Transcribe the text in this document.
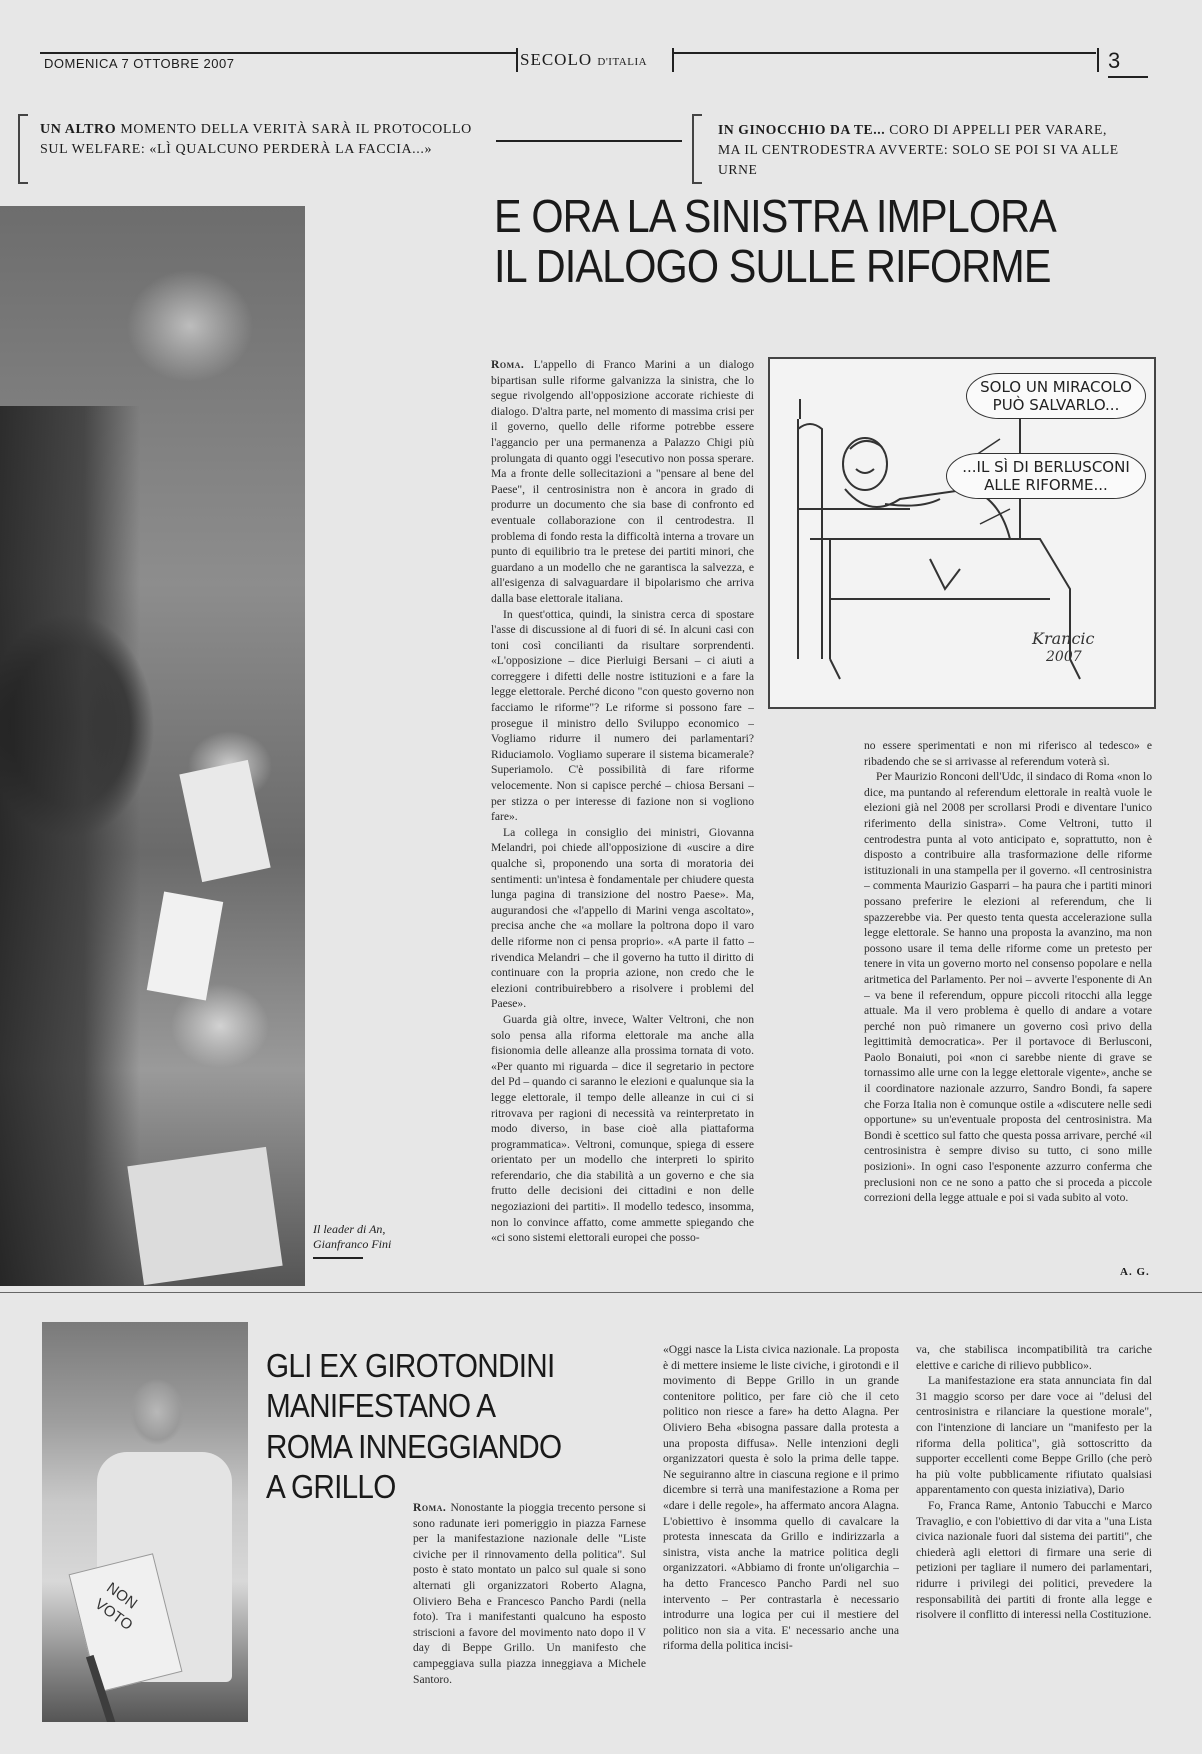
DOMENICA 7 OTTOBRE 2007	SECOLO D'ITALIA	3
UN ALTRO MOMENTO DELLA VERITÀ SARÀ IL PROTOCOLLO
SUL WELFARE: «LÌ QUALCUNO PERDERÀ LA FACCIA...»
IN GINOCCHIO DA TE... CORO DI APPELLI PER VARARE,
MA IL CENTRODESTRA AVVERTE: SOLO SE POI SI VA ALLE URNE
Il leader di An,
Gianfranco Fini
E ORA LA SINISTRA IMPLORA
IL DIALOGO SULLE RIFORME

Roma. L'appello di Franco Marini a un dialogo bipartisan sulle riforme galvanizza la sinistra, che lo segue rivolgendo all'opposizione accorate richieste di dialogo. D'altra parte, nel momento di massima crisi per il governo, quello delle riforme potrebbe essere l'aggancio per una permanenza a Palazzo Chigi più prolungata di quanto oggi l'esecutivo non possa sperare. Ma a fronte delle sollecitazioni a "pensare al bene del Paese", il centrosinistra non è ancora in grado di produrre un documento che sia base di confronto ed eventuale collaborazione con il centrodestra. Il problema di fondo resta la difficoltà interna a trovare un punto di equilibrio tra le pretese dei partiti minori, che guardano a un modello che ne garantisca la salvezza, e all'esigenza di salvaguardare il bipolarismo che arriva dalla base elettorale italiana.

In quest'ottica, quindi, la sinistra cerca di spostare l'asse di discussione al di fuori di sé. In alcuni casi con toni così concilianti da risultare sorprendenti. «L'opposizione – dice Pierluigi Bersani – ci aiuti a correggere i difetti delle nostre istituzioni e a fare la legge elettorale. Perché dicono "con questo governo non facciamo le riforme"? Le riforme si possono fare – prosegue il ministro dello Sviluppo economico – Vogliamo ridurre il numero dei parlamentari? Riduciamolo. Vogliamo superare il sistema bicamerale? Superiamolo. C'è possibilità di fare riforme velocemente. Non si capisce perché – chiosa Bersani – per stizza o per interesse di fazione non si vogliono fare».

La collega in consiglio dei ministri, Giovanna Melandri, poi chiede all'opposizione di «uscire a dire qualche sì, proponendo una sorta di moratoria dei sentimenti: un'intesa è fondamentale per chiudere questa lunga pagina di transizione del nostro Paese». Ma, augurandosi che «l'appello di Marini venga ascoltato», precisa anche che «a mollare la poltrona dopo il varo delle riforme non ci pensa proprio». «A parte il fatto – rivendica Melandri – che il governo ha tutto il diritto di continuare con la propria azione, non credo che le elezioni contribuirebbero a risolvere i problemi del Paese».

Guarda già oltre, invece, Walter Veltroni, che non solo pensa alla riforma elettorale ma anche alla fisionomia delle alleanze alla prossima tornata di voto. «Per quanto mi riguarda – dice il segretario in pectore del Pd – quando ci saranno le elezioni e qualunque sia la legge elettorale, il tempo delle alleanze in cui ci si ritrovava per ragioni di necessità va reinterpretato in modo diverso, in base cioè alla piattaforma programmatica». Veltroni, comunque, spiega di essere orientato per un modello che interpreti lo spirito referendario, che dia stabilità a un governo e che sia frutto delle decisioni dei cittadini e non delle negoziazioni dei partiti». Il modello tedesco, insomma, non lo convince affatto, come ammette spiegando che «ci sono sistemi elettorali europei che posso-

SOLO UN MIRACOLO PUÒ SALVARLO...
...IL SÌ DI BERLUSCONI ALLE RIFORME...
Krancic
2007

no essere sperimentati e non mi riferisco al tedesco» e ribadendo che se si arrivasse al referendum voterà sì.

Per Maurizio Ronconi dell'Udc, il sindaco di Roma «non lo dice, ma puntando al referendum elettorale in realtà vuole le elezioni già nel 2008 per scrollarsi Prodi e diventare l'unico riferimento della sinistra». Come Veltroni, tutto il centrodestra punta al voto anticipato e, soprattutto, non è disposto a contribuire alla trasformazione delle riforme istituzionali in una stampella per il governo. «Il centrosinistra – commenta Maurizio Gasparri – ha paura che i partiti minori possano preferire le elezioni al referendum, che li spazzerebbe via. Per questo tenta questa accelerazione sulla legge elettorale. Se hanno una proposta la avanzino, ma non possono usare il tema delle riforme come un pretesto per tenere in vita un governo morto nel consenso popolare e nella aritmetica del Parlamento. Per noi – avverte l'esponente di An – va bene il referendum, oppure piccoli ritocchi alla legge attuale. Ma il vero problema è quello di andare a votare perché non può rimanere un governo così privo della legittimità democratica». Per il portavoce di Berlusconi, Paolo Bonaiuti, poi «non ci sarebbe niente di grave se tornassimo alle urne con la legge elettorale vigente», anche se il coordinatore nazionale azzurro, Sandro Bondi, fa sapere che Forza Italia non è comunque ostile a «discutere nelle sedi opportune» su un'eventuale proposta del centrosinistra. Ma Bondi è scettico sul fatto che questa possa arrivare, perché «il centrosinistra è sempre diviso su tutto, ci sono mille posizioni». In ogni caso l'esponente azzurro conferma che preclusioni non ce ne sono a patto che si proceda a piccole correzioni della legge attuale e poi si vada subito al voto.

A. G.
NON VOTO
GLI EX GIROTONDINI MANIFESTANO A ROMA INNEGGIANDO A GRILLO

Roma. Nonostante la pioggia trecento persone si sono radunate ieri pomeriggio in piazza Farnese per la manifestazione nazionale delle "Liste civiche per il rinnovamento della politica". Sul posto è stato montato un palco sul quale si sono alternati gli organizzatori Roberto Alagna, Oliviero Beha e Francesco Pancho Pardi (nella foto). Tra i manifestanti qualcuno ha esposto striscioni a favore del movimento nato dopo il V day di Beppe Grillo. Un manifesto che campeggiava sulla piazza inneggiava a Michele Santoro.

«Oggi nasce la Lista civica nazionale. La proposta è di mettere insieme le liste civiche, i girotondi e il movimento di Beppe Grillo in un grande contenitore politico, per fare ciò che il ceto politico non riesce a fare» ha detto Alagna. Per Oliviero Beha «bisogna passare dalla protesta a una proposta diffusa». Nelle intenzioni degli organizzatori questa è solo la prima delle tappe. Ne seguiranno altre in ciascuna regione e il primo dicembre si terrà una manifestazione a Roma per «dare i delle regole», ha affermato ancora Alagna. L'obiettivo è insomma quello di cavalcare la protesta innescata da Grillo e indirizzarla a sinistra, vista anche la matrice politica degli organizzatori. «Abbiamo di fronte un'oligarchia – ha detto Francesco Pancho Pardi nel suo intervento – Per contrastarla è necessario introdurre una logica per cui il mestiere del politico non sia a vita. E' necessario anche una riforma della politica incisi-

va, che stabilisca incompatibilità tra cariche elettive e cariche di rilievo pubblico».

La manifestazione era stata annunciata fin dal 31 maggio scorso per dare voce ai "delusi del centrosinistra e rilanciare la questione morale", con l'intenzione di lanciare un "manifesto per la riforma della politica", già sottoscritto da supporter eccellenti come Beppe Grillo (che però ha più volte pubblicamente rifiutato qualsiasi apparentamento con questa iniziativa), Dario

Fo, Franca Rame, Antonio Tabucchi e Marco Travaglio, e con l'obiettivo di dar vita a "una Lista civica nazionale fuori dal sistema dei partiti", che chiederà agli elettori di firmare una serie di petizioni per tagliare il numero dei parlamentari, ridurre i privilegi dei politici, prevedere la responsabilità dei partiti di fronte alla legge e risolvere il conflitto di interessi nella Costituzione.
